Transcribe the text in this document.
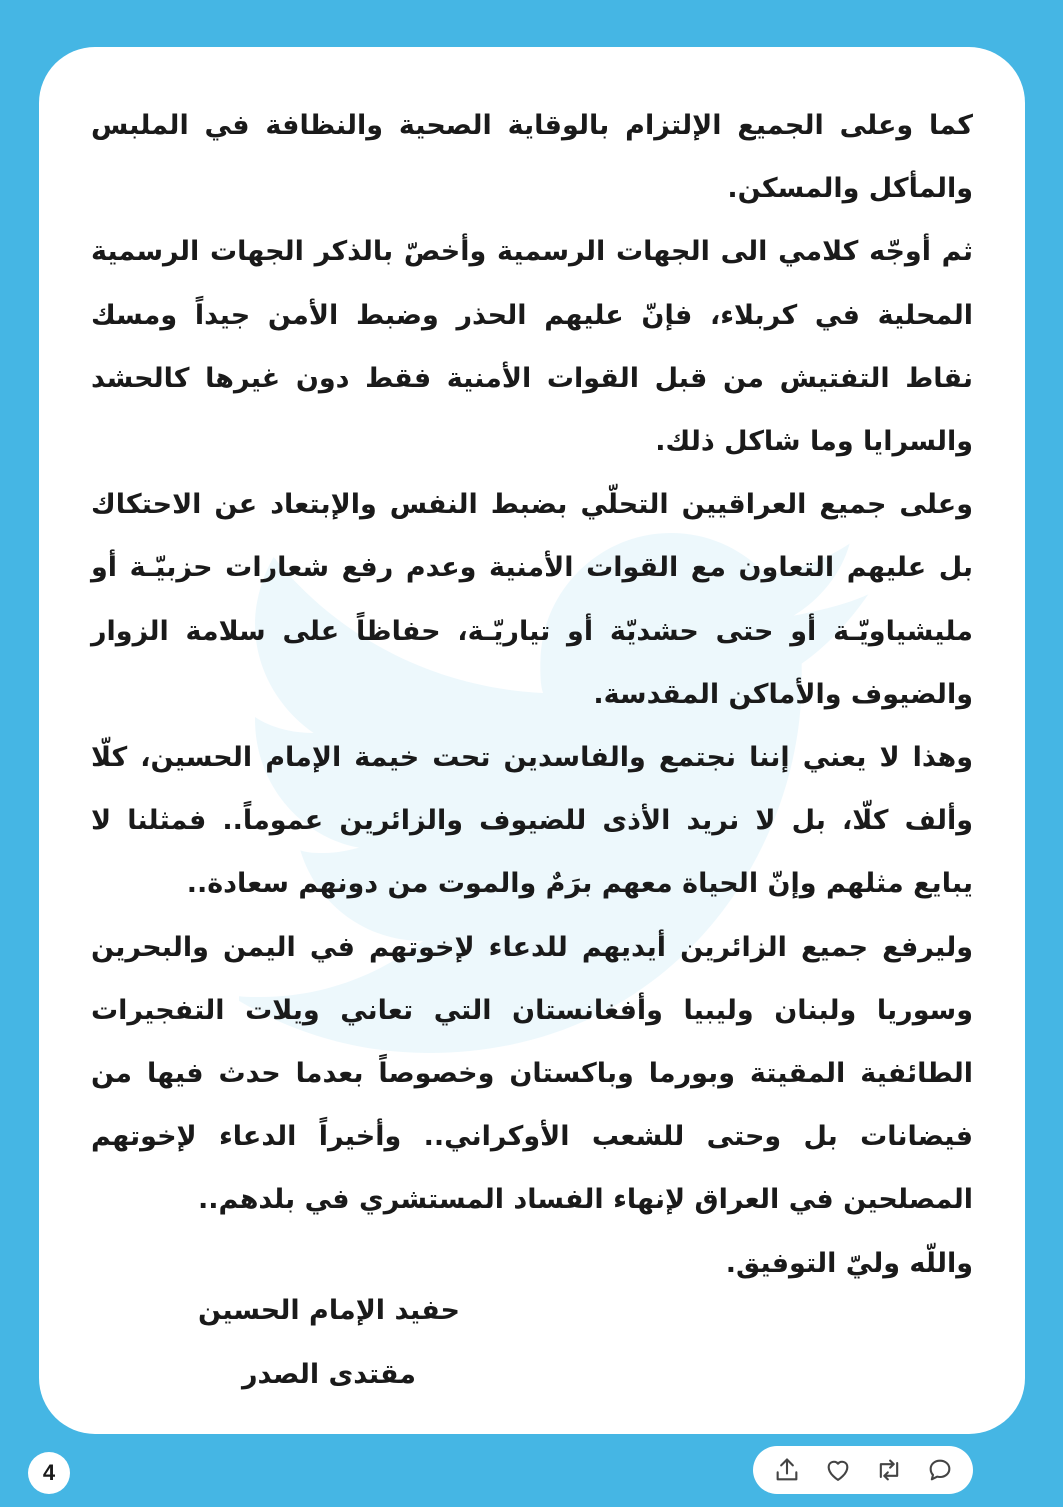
كما وعلى الجميع الإلتزام بالوقاية الصحية والنظافة في الملبس والمأكل والمسكن.

ثم أوجّه كلامي الى الجهات الرسمية وأخصّ بالذكر الجهات الرسمية المحلية في كربلاء، فإنّ عليهم الحذر وضبط الأمن جيداً ومسك نقاط التفتيش من قبل القوات الأمنية فقط دون غيرها كالحشد والسرايا وما شاكل ذلك.

وعلى جميع العراقيين التحلّي بضبط النفس والإبتعاد عن الاحتكاك بل عليهم التعاون مع القوات الأمنية وعدم رفع شعارات حزبيّـة أو مليشياويّـة أو حتى حشديّة أو تياريّـة، حفاظاً على سلامة الزوار والضيوف والأماكن المقدسة.

وهذا لا يعني إننا نجتمع والفاسدين تحت خيمة الإمام الحسين، كلّا وألف كلّا، بل لا نريد الأذى للضيوف والزائرين عموماً.. فمثلنا لا يبايع مثلهم وإنّ الحياة معهم برَمٌ والموت من دونهم سعادة..

وليرفع جميع الزائرين أيديهم للدعاء لإخوتهم في اليمن والبحرين وسوريا ولبنان وليبيا وأفغانستان التي تعاني ويلات التفجيرات الطائفية المقيتة وبورما وباكستان وخصوصاً بعدما حدث فيها من فيضانات بل وحتى للشعب الأوكراني.. وأخيراً الدعاء لإخوتهم المصلحين في العراق لإنهاء الفساد المستشري في بلدهم..

واللّه وليّ التوفيق.

حفيد الإمام الحسين
مقتدى الصدر
4
